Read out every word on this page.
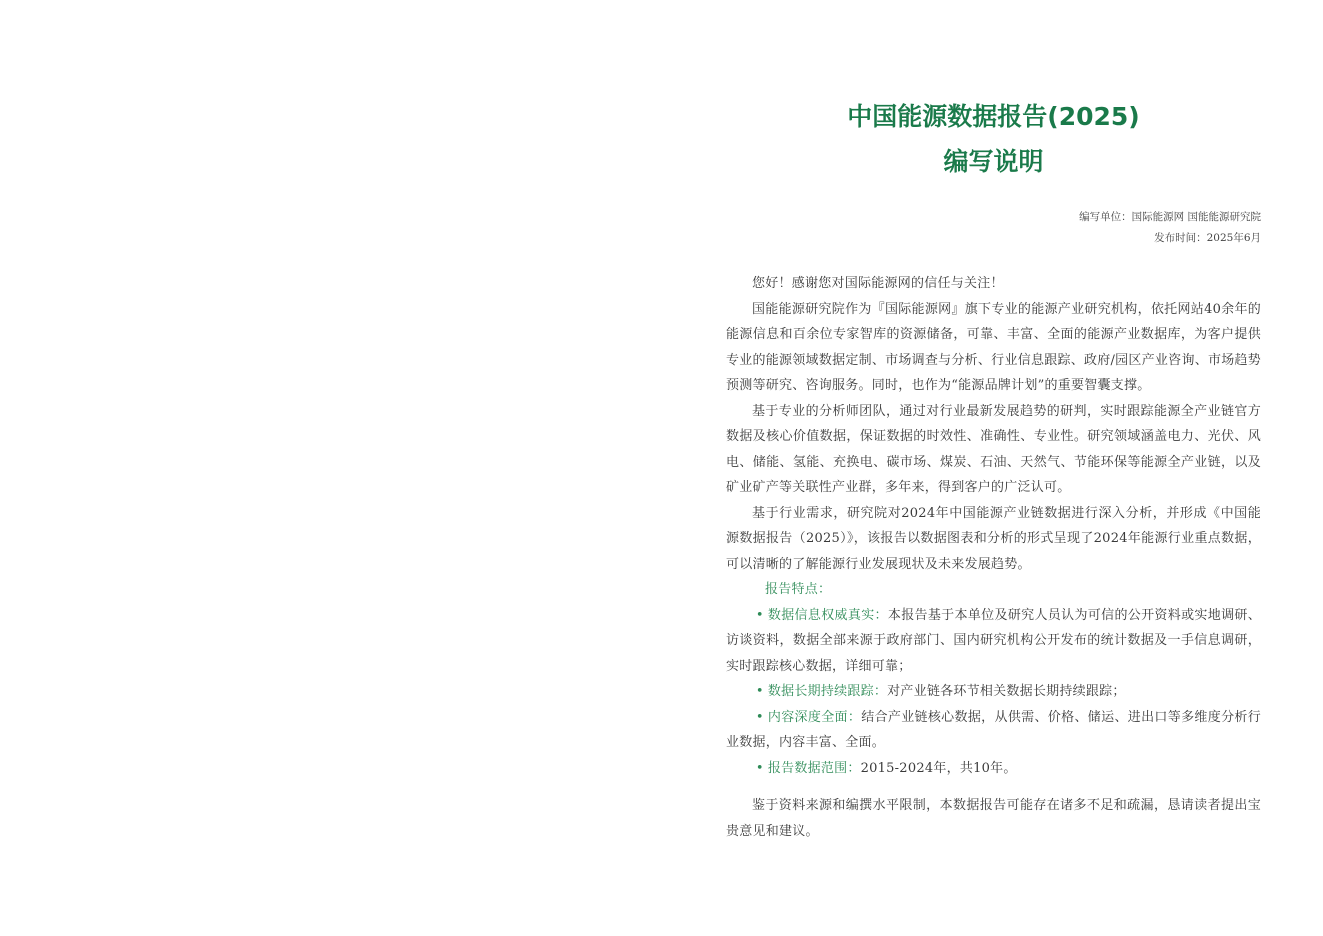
中国能源数据报告(2025)
编写说明
编写单位：国际能源网 国能能源研究院
发布时间：2025年6月

您好！感谢您对国际能源网的信任与关注！

国能能源研究院作为『国际能源网』旗下专业的能源产业研究机构，依托网站40余年的能源信息和百余位专家智库的资源储备，可靠、丰富、全面的能源产业数据库，为客户提供专业的能源领域数据定制、市场调查与分析、行业信息跟踪、政府/园区产业咨询、市场趋势预测等研究、咨询服务。同时，也作为“能源品牌计划”的重要智囊支撑。

基于专业的分析师团队，通过对行业最新发展趋势的研判，实时跟踪能源全产业链官方数据及核心价值数据，保证数据的时效性、准确性、专业性。研究领域涵盖电力、光伏、风电、储能、氢能、充换电、碳市场、煤炭、石油、天然气、节能环保等能源全产业链，以及矿业矿产等关联性产业群，多年来，得到客户的广泛认可。

基于行业需求，研究院对2024年中国能源产业链数据进行深入分析，并形成《中国能源数据报告（2025）》，该报告以数据图表和分析的形式呈现了2024年能源行业重点数据，可以清晰的了解能源行业发展现状及未来发展趋势。

报告特点：

• 数据信息权威真实：本报告基于本单位及研究人员认为可信的公开资料或实地调研、访谈资料，数据全部来源于政府部门、国内研究机构公开发布的统计数据及一手信息调研，实时跟踪核心数据，详细可靠；

• 数据长期持续跟踪：对产业链各环节相关数据长期持续跟踪；

• 内容深度全面：结合产业链核心数据，从供需、价格、储运、进出口等多维度分析行业数据，内容丰富、全面。

• 报告数据范围：2015-2024年，共10年。

鉴于资料来源和编撰水平限制，本数据报告可能存在诸多不足和疏漏，恳请读者提出宝贵意见和建议。
